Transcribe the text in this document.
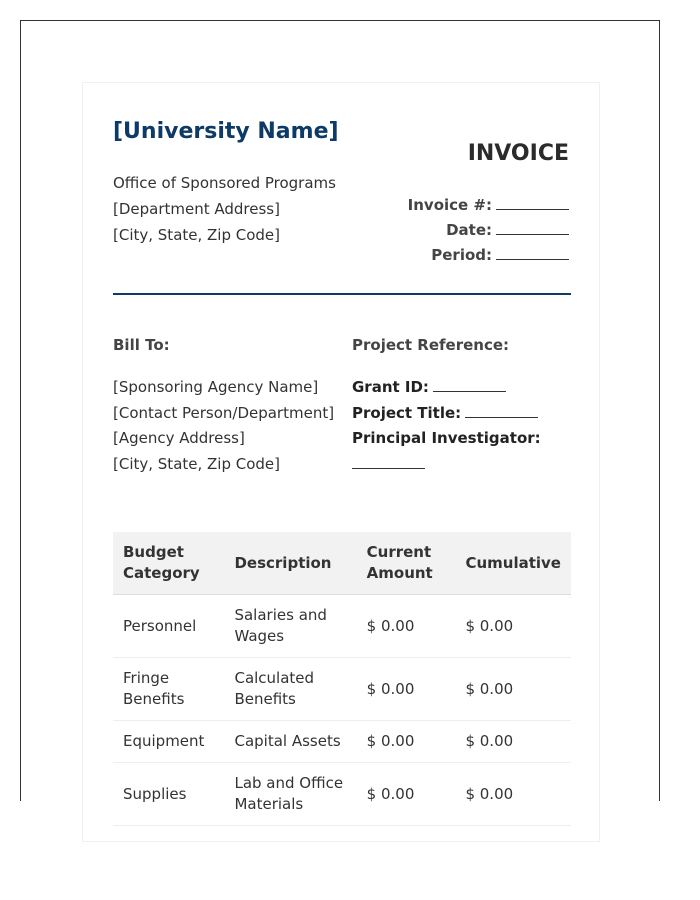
[University Name]
Office of Sponsored Programs
[Department Address]
[City, State, Zip Code]
INVOICE
Invoice #:
Date:
Period:
Bill To:	Project Reference:
[Sponsoring Agency Name]
[Contact Person/Department]
[Agency Address]
[City, State, Zip Code]
Grant ID:
Project Title:
Principal Investigator:
Budget Category	Description	Current Amount	Cumulative
Personnel	Salaries and Wages	$ 0.00	$ 0.00
Fringe Benefits	Calculated Benefits	$ 0.00	$ 0.00
Equipment	Capital Assets	$ 0.00	$ 0.00
Supplies	Lab and Office Materials	$ 0.00	$ 0.00
